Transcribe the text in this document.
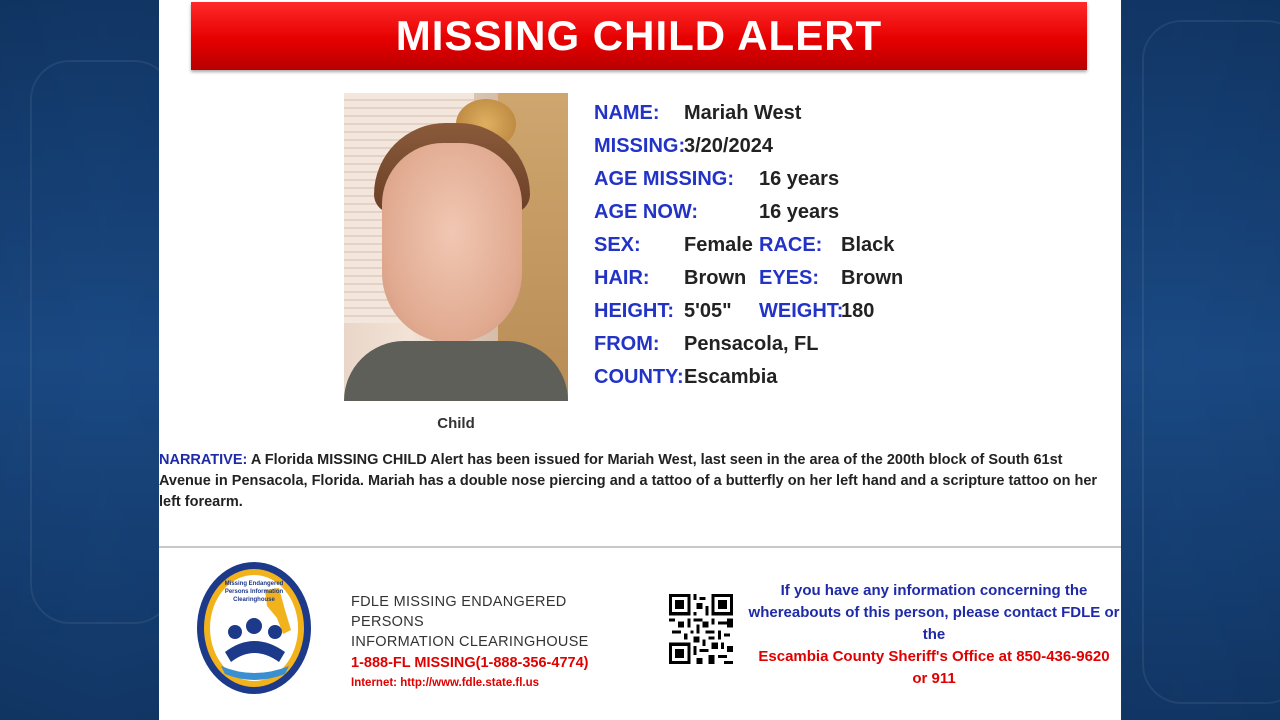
MISSING CHILD ALERT
Child
NAME: Mariah West
MISSING:
3/20/2024
AGE MISSING: 16 years
AGE NOW:	16 years
SEX: Female RACE: Black
HAIR: Brown EYES: Brown
HEIGHT: 5'05" WEIGHT:
180
FROM: Pensacola, FL
COUNTY: Escambia
NARRATIVE: A Florida MISSING CHILD Alert has been issued for Mariah West, last seen in the area of the 200th block of South 61st Avenue in Pensacola, Florida. Mariah has a double nose piercing and a tattoo of a butterfly on her left hand and a scripture tattoo on her left forearm.
Missing Endangered
Persons Information
Clearinghouse	FDLE MISSING ENDANGERED PERSONS
INFORMATION CLEARINGHOUSE
1-888-FL MISSING(1-888-356-4774)
Internet: http://www.fdle.state.fl.us
If you have any information concerning the
whereabouts of this person, please contact FDLE or
the
Escambia County Sheriff's Office at 850-436-9620
or 911
